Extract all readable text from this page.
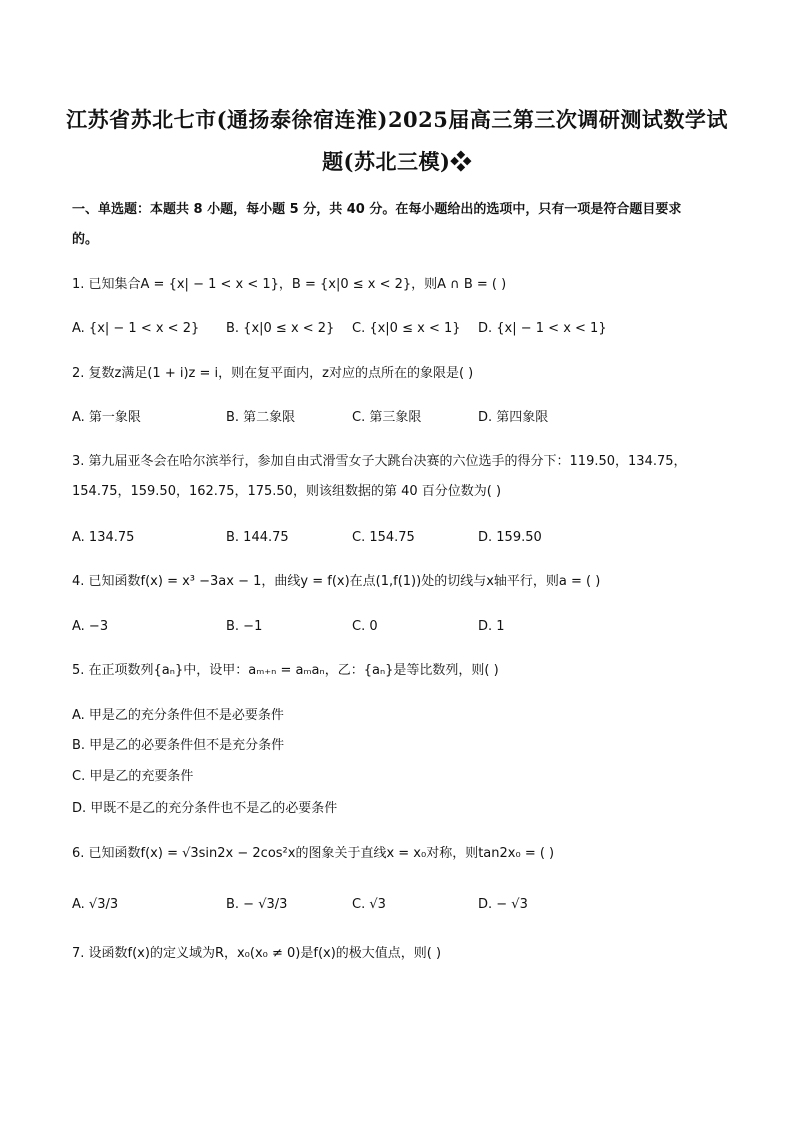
江苏省苏北七市(通扬泰徐宿连淮)2025届高三第三次调研测试数学试
题(苏北三模)❖
一、单选题：本题共 8 小题，每小题 5 分，共 40 分。在每小题给出的选项中，只有一项是符合题目要求
的。
1. 已知集合A = {x| − 1 < x < 1}，B = {x|0 ≤ x < 2}，则A ∩ B = ( )
A. {x| − 1 < x < 2} B. {x|0 ≤ x < 2} C. {x|0 ≤ x < 1} D. {x| − 1 < x < 1}
2. 复数z满足(1 + i)z = i，则在复平面内，z对应的点所在的象限是( )
A. 第一象限	B. 第二象限	C. 第三象限	D. 第四象限
3. 第九届亚冬会在哈尔滨举行，参加自由式滑雪女子大跳台决赛的六位选手的得分下：119.50，134.75，
154.75，159.50，162.75，175.50，则该组数据的第 40 百分位数为( )
A. 134.75	B. 144.75	C. 154.75	D. 159.50
4. 已知函数f(x) = x³ −3ax − 1，曲线y = f(x)在点(1,f(1))处的切线与x轴平行，则a = ( )
A. −3	B. −1	C. 0	D. 1
5. 在正项数列{aₙ}中，设甲：aₘ₊ₙ = aₘaₙ，乙：{aₙ}是等比数列，则( )
A. 甲是乙的充分条件但不是必要条件
B. 甲是乙的必要条件但不是充分条件
C. 甲是乙的充要条件
D. 甲既不是乙的充分条件也不是乙的必要条件
6. 已知函数f(x) = √3sin2x − 2cos²x的图象关于直线x = x₀对称，则tan2x₀ = ( )
A. √3/3	B. − √3/3	C. √3	D. − √3
7. 设函数f(x)的定义域为R，x₀(x₀ ≠ 0)是f(x)的极大值点，则( )
